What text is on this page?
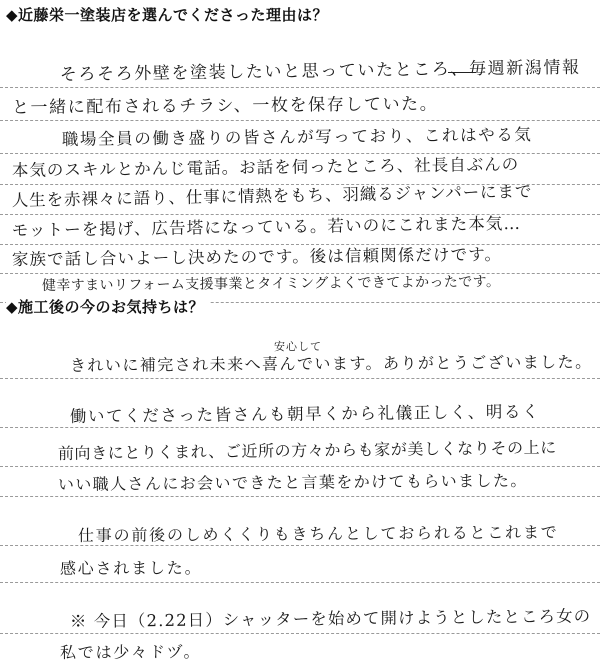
◆近藤栄一塗装店を選んでくださった理由は？
そろそろ外壁を塗装したいと思っていたところ、毎週新潟情報
と一緒に配布されるチラシ、一枚を保存していた。
職場全員の働き盛りの皆さんが写っており、これはやる気
本気のスキルとかんじ電話。お話を伺ったところ、社長自ぶんの
人生を赤裸々に語り、仕事に情熱をもち、羽織るジャンパーにまで
モットーを掲げ、広告塔になっている。若いのにこれまた本気…
家族で話し合いよーし決めたのです。後は信頼関係だけです。
健幸すまいリフォーム支援事業とタイミングよくできてよかったです。
◆施工後の今のお気持ちは？
安心して
きれいに補完され未来へ喜んでいます。ありがとうございました。
働いてくださった皆さんも朝早くから礼儀正しく、明るく
前向きにとりくまれ、ご近所の方々からも家が美しくなりその上に
いい職人さんにお会いできたと言葉をかけてもらいました。
仕事の前後のしめくくりもきちんとしておられるとこれまで
感心されました。
※ 今日（2.22日）シャッターを始めて開けようとしたところ女の
私では少々ドヅ。
